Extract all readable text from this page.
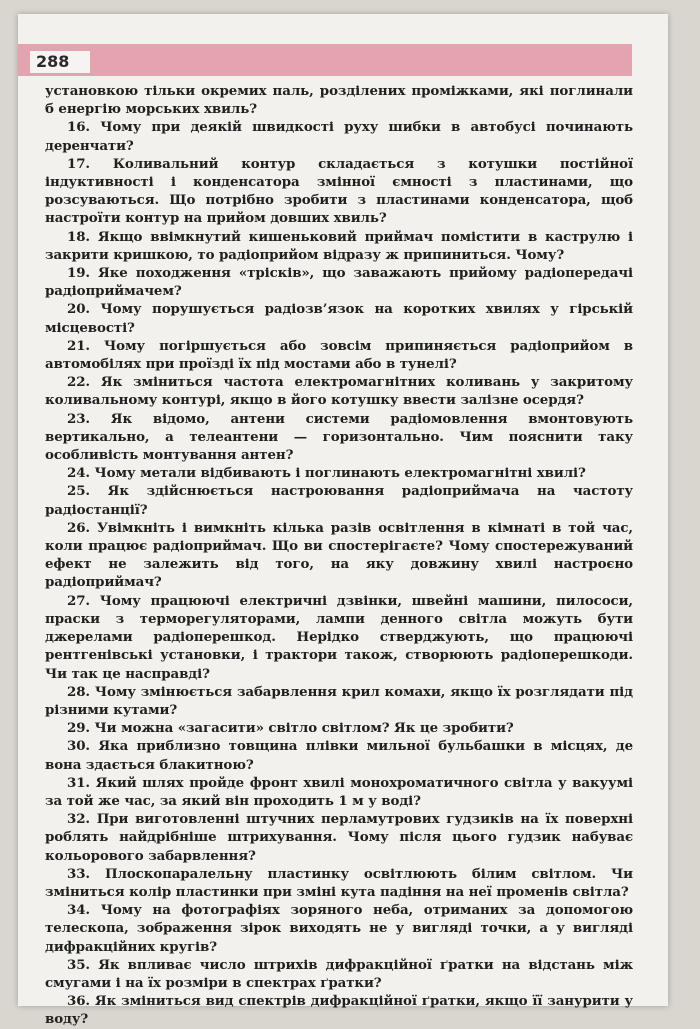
288

установкою тільки окремих паль, розділених проміжками, які поглинали б енергію морських хвиль?

16. Чому при деякій швидкості руху шибки в автобусі починають деренчати?

17. Коливальний контур складається з котушки постійної індуктивності і конденсатора змінної ємності з пластинами, що розсуваються. Що потрібно зробити з пластинами конденсатора, щоб настроїти контур на прийом довших хвиль?

18. Якщо ввімкнутий кишеньковий приймач помістити в каструлю і закрити кришкою, то радіоприйом відразу ж припиниться. Чому?

19. Яке походження «трісків», що заважають прийому радіопередачі радіоприймачем?

20. Чому порушується радіозв’язок на коротких хвилях у гірській місцевості?

21. Чому погіршується або зовсім припиняється радіоприйом в автомобілях при проїзді їх під мостами або в тунелі?

22. Як зміниться частота електромагнітних коливань у закритому коливальному контурі, якщо в його котушку ввести залізне осердя?

23. Як відомо, антени системи радіомовлення вмонтовують вертикально, а телеантени — горизонтально. Чим пояснити таку особливість монтування антен?

24. Чому метали відбивають і поглинають електромагнітні хвилі?

25. Як здійснюється настроювання радіоприймача на частоту радіостанції?

26. Увімкніть і вимкніть кілька разів освітлення в кімнаті в той час, коли працює радіоприймач. Що ви спостерігаєте? Чому спостережуваний ефект не залежить від того, на яку довжину хвилі настроєно радіоприймач?

27. Чому працюючі електричні дзвінки, швейні машини, пилососи, праски з терморегуляторами, лампи денного світла можуть бути джерелами радіоперешкод. Нерідко стверджують, що працюючі рентгенівські установки, і трактори також, створюють радіоперешкоди. Чи так це насправді?

28. Чому змінюється забарвлення крил комахи, якщо їх розглядати під різними кутами?

29. Чи можна «загасити» світло світлом? Як це зробити?

30. Яка приблизно товщина плівки мильної бульбашки в місцях, де вона здається блакитною?

31. Який шлях пройде фронт хвилі монохроматичного світла у вакуумі за той же час, за який він проходить 1 м у воді?

32. При виготовленні штучних перламутрових гудзиків на їх поверхні роблять найдрібніше штрихування. Чому після цього гудзик набуває кольорового забарвлення?

33. Плоскопаралельну пластинку освітлюють білим світлом. Чи зміниться колір пластинки при зміні кута падіння на неї променів світла?

34. Чому на фотографіях зоряного неба, отриманих за допомогою телескопа, зображення зірок виходять не у вигляді точки, а у вигляді дифракційних кругів?

35. Як впливає число штрихів дифракційної ґратки на відстань між смугами і на їх розміри в спектрах ґратки?

36. Як зміниться вид спектрів дифракційної ґратки, якщо її занурити у воду?
